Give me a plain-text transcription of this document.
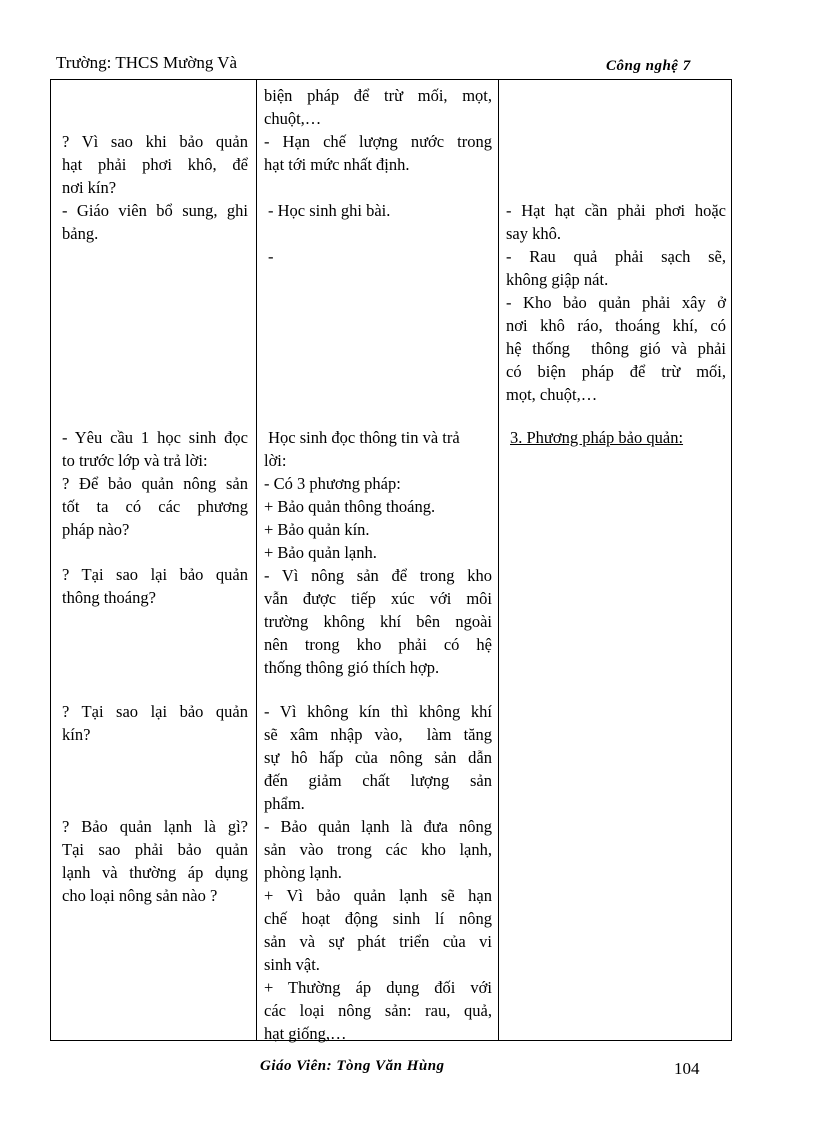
Trường: THCS Mường Và	Công nghệ 7

? Vì sao khi bảo quản

hạt phải phơi khô, để

nơi kín?

- Giáo viên bổ sung, ghi

bảng.

- Yêu cầu 1 học sinh đọc

to trước lớp và trả lời:

? Để bảo quản nông sản

tốt ta có các phương

pháp nào?

? Tại sao lại bảo quản

thông thoáng?

? Tại sao lại bảo quản

kín?

? Bảo quản lạnh là gì?

Tại sao phải bảo quản

lạnh và thường áp dụng

cho loại nông sản nào ?

biện pháp để trừ mối, mọt,

chuột,…

- Hạn chế lượng nước trong

hạt tới mức nhất định.

- Học sinh ghi bài.

-

Học sinh đọc thông tin và trả

lời:

- Có 3 phương pháp:

+ Bảo quản thông thoáng.

+ Bảo quản kín.

+ Bảo quản lạnh.

- Vì nông sản để trong kho

vẫn được tiếp xúc với môi

trường không khí bên ngoài

nên trong kho phải có hệ

thống thông gió thích hợp.

- Vì không kín thì không khí

sẽ xâm nhập vào,  làm tăng

sự hô hấp của nông sản dẫn

đến giảm chất lượng sản

phẩm.

- Bảo quản lạnh là đưa nông

sản vào trong các kho lạnh,

phòng lạnh.

+ Vì bảo quản lạnh sẽ hạn

chế hoạt động sinh lí nông

sản và sự phát triển của vi

sinh vật.

+ Thường áp dụng đối với

các loại nông sản: rau, quả,

hạt giống,…

- Hạt hạt cần phải phơi hoặc

say khô.

- Rau quả phải sạch sẽ,

không giập nát.

- Kho bảo quản phải xây ở

nơi khô ráo, thoáng khí, có

hệ thống  thông gió và phải

có biện pháp để trừ mối,

mọt, chuột,…

3. Phương pháp bảo quản:
Giáo Viên: Tòng Văn Hùng	104
